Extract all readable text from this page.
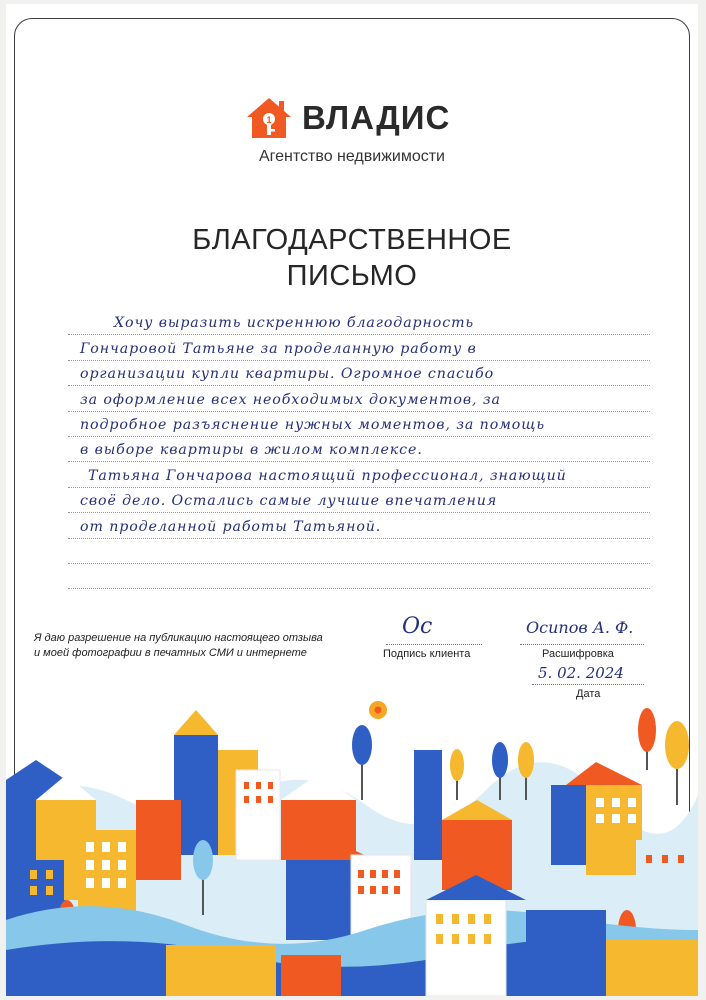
1 ВЛАДИС
Агентство недвижимости
БЛАГОДАРСТВЕННОЕ
ПИСЬМО
Хочу выразить искреннюю благодарность
Гончаровой Татьяне за проделанную работу в
организации купли квартиры. Огромное спасибо
за оформление всех необходимых документов, за
подробное разъяснение нужных моментов, за помощь
в выборе квартиры в жилом комплексе.
Татьяна Гончарова настоящий профессионал, знающий
своё дело. Остались самые лучшие впечатления
от проделанной работы Татьяной.
Я даю разрешение на публикацию настоящего отзыва
и моей фотографии в печатных СМИ и интернете
Ос
Подпись клиента
Осипов А. Ф.
Расшифровка
5. 02. 2024
Дата
